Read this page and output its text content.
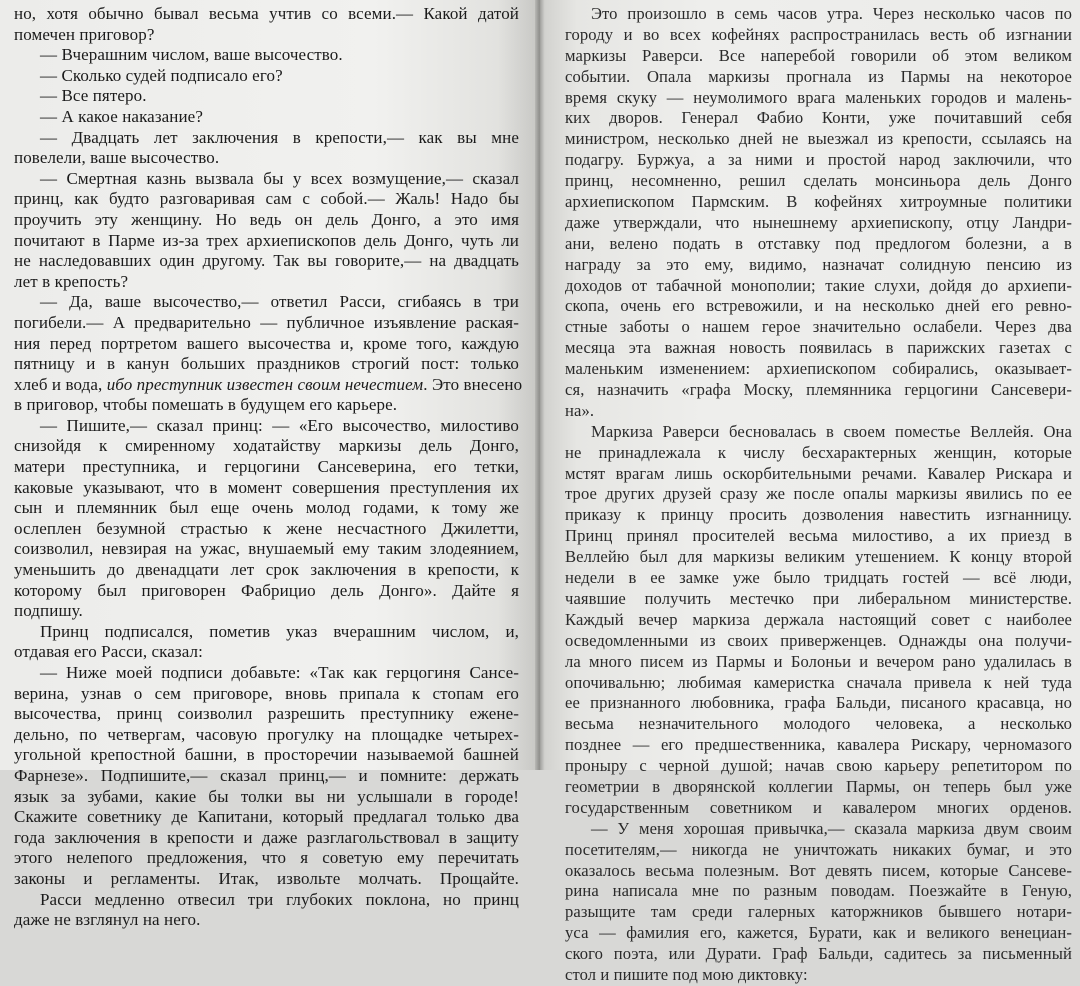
но, хотя обычно бывал весьма учтив со всеми.— Какой датой
помечен приговор?
— Вчерашним числом, ваше высочество.
— Сколько судей подписало его?
— Все пятеро.
— А какое наказание?
— Двадцать лет заключения в крепости,— как вы мне
повелели, ваше высочество.
— Смертная казнь вызвала бы у всех возмущение,— сказал
принц, как будто разговаривая сам с собой.— Жаль! Надо бы
проучить эту женщину. Но ведь он дель Донго, а это имя
почитают в Парме из-за трех архиепископов дель Донго, чуть ли
не наследовавших один другому. Так вы говорите,— на двадцать
лет в крепость?
— Да, ваше высочество,— ответил Расси, сгибаясь в три
погибели.— А предварительно — публичное изъявление раская-
ния перед портретом вашего высочества и, кроме того, каждую
пятницу и в канун больших праздников строгий пост: только
хлеб и вода, ибо преступник известен своим нечестием. Это внесено
в приговор, чтобы помешать в будущем его карьере.
— Пишите,— сказал принц: — «Его высочество, милостиво
снизойдя к смиренному ходатайству маркизы дель Донго,
матери преступника, и герцогини Сансеверина, его тетки,
каковые указывают, что в момент совершения преступления их
сын и племянник был еще очень молод годами, к тому же
ослеплен безумной страстью к жене несчастного Джилетти,
соизволил, невзирая на ужас, внушаемый ему таким злодеянием,
уменьшить до двенадцати лет срок заключения в крепости, к
которому был приговорен Фабрицио дель Донго». Дайте я
подпишу.
Принц подписался, пометив указ вчерашним числом, и,
отдавая его Расси, сказал:
— Ниже моей подписи добавьте: «Так как герцогиня Сансе-
верина, узнав о сем приговоре, вновь припала к стопам его
высочества, принц соизволил разрешить преступнику еженe-
дельно, по четвергам, часовую прогулку на площадке четырех-
угольной крепостной башни, в просторечии называемой башней
Фарнезе». Подпишите,— сказал принц,— и помните: держать
язык за зубами, какие бы толки вы ни услышали в городе!
Скажите советнику де Капитани, который предлагал только два
года заключения в крепости и даже разглагольствовал в защиту
этого нелепого предложения, что я советую ему перечитать
законы и регламенты. Итак, извольте молчать. Прощайте.
Расси медленно отвесил три глубоких поклона, но принц
даже не взглянул на него.
Это произошло в семь часов утра. Через несколько часов по
городу и во всех кофейнях распространилась весть об изгнании
маркизы Раверси. Все наперебой говорили об этом великом
событии. Опала маркизы прогнала из Пармы на некоторое
время скуку — неумолимого врага маленьких городов и малень-
ких дворов. Генерал Фабио Конти, уже почитавший себя
министром, несколько дней не выезжал из крепости, ссылаясь на
подагру. Буржуа, а за ними и простой народ заключили, что
принц, несомненно, решил сделать монсиньора дель Донго
архиепископом Пармским. В кофейнях хитроумные политики
даже утверждали, что нынешнему архиепископу, отцу Ландри-
ани, велено подать в отставку под предлогом болезни, а в
награду за это ему, видимо, назначат солидную пенсию из
доходов от табачной монополии; такие слухи, дойдя до архиепи-
скопа, очень его встревожили, и на несколько дней его ревно-
стные заботы о нашем герое значительно ослабели. Через два
месяца эта важная новость появилась в парижских газетах с
маленьким изменением: архиепископом собирались, оказывает-
ся, назначить «графа Моску, племянника герцогини Сансевери-
на».
Маркиза Раверси бесновалась в своем поместье Веллейя. Она
не принадлежала к числу бесхарактерных женщин, которые
мстят врагам лишь оскорбительными речами. Кавалер Рискара и
трое других друзей сразу же после опалы маркизы явились по ее
приказу к принцу просить дозволения навестить изгнанницу.
Принц принял просителей весьма милостиво, а их приезд в
Веллейю был для маркизы великим утешением. К концу второй
недели в ее замке уже было тридцать гостей — всё люди,
чаявшие получить местечко при либеральном министерстве.
Каждый вечер маркиза держала настоящий совет с наиболее
осведомленными из своих приверженцев. Однажды она получи-
ла много писем из Пармы и Болоньи и вечером рано удалилась в
опочивальню; любимая камеристка сначала привела к ней туда
ее признанного любовника, графа Бальди, писаного красавца, но
весьма незначительного молодого человека, а несколько
позднее — его предшественника, кавалера Рискару, черномазого
проныру с черной душой; начав свою карьеру репетитором по
геометрии в дворянской коллегии Пармы, он теперь был уже
государственным советником и кавалером многих орденов.
— У меня хорошая привычка,— сказала маркиза двум своим
посетителям,— никогда не уничтожать никаких бумаг, и это
оказалось весьма полезным. Вот девять писем, которые Сансеве-
рина написала мне по разным поводам. Поезжайте в Геную,
разыщите там среди галерных каторжников бывшего нотари-
уса — фамилия его, кажется, Бурати, как и великого венециан-
ского поэта, или Дурати. Граф Бальди, садитесь за письменный
стол и пишите под мою диктовку:
